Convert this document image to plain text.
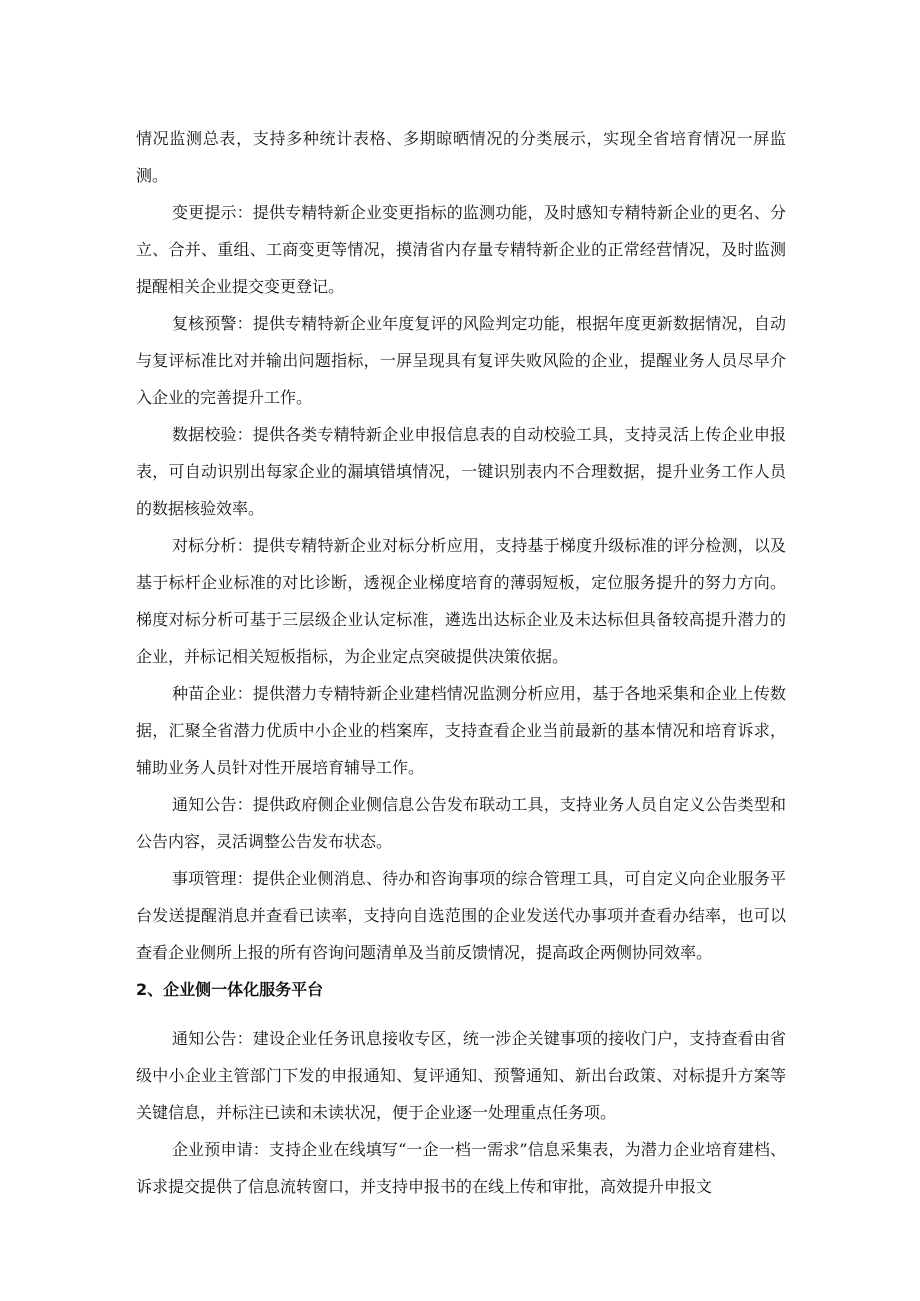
情况监测总表，支持多种统计表格、多期晾晒情况的分类展示，实现全省培育情况一屏监测。

变更提示：提供专精特新企业变更指标的监测功能，及时感知专精特新企业的更名、分立、合并、重组、工商变更等情况，摸清省内存量专精特新企业的正常经营情况，及时监测提醒相关企业提交变更登记。

复核预警：提供专精特新企业年度复评的风险判定功能，根据年度更新数据情况，自动与复评标准比对并输出问题指标，一屏呈现具有复评失败风险的企业，提醒业务人员尽早介入企业的完善提升工作。

数据校验：提供各类专精特新企业申报信息表的自动校验工具，支持灵活上传企业申报表，可自动识别出每家企业的漏填错填情况，一键识别表内不合理数据，提升业务工作人员的数据核验效率。

对标分析：提供专精特新企业对标分析应用，支持基于梯度升级标准的评分检测，以及基于标杆企业标准的对比诊断，透视企业梯度培育的薄弱短板，定位服务提升的努力方向。梯度对标分析可基于三层级企业认定标准，遴选出达标企业及未达标但具备较高提升潜力的企业，并标记相关短板指标，为企业定点突破提供决策依据。

种苗企业：提供潜力专精特新企业建档情况监测分析应用，基于各地采集和企业上传数据，汇聚全省潜力优质中小企业的档案库，支持查看企业当前最新的基本情况和培育诉求，辅助业务人员针对性开展培育辅导工作。

通知公告：提供政府侧企业侧信息公告发布联动工具，支持业务人员自定义公告类型和公告内容，灵活调整公告发布状态。

事项管理：提供企业侧消息、待办和咨询事项的综合管理工具，可自定义向企业服务平台发送提醒消息并查看已读率，支持向自选范围的企业发送代办事项并查看办结率，也可以查看企业侧所上报的所有咨询问题清单及当前反馈情况，提高政企两侧协同效率。

2、企业侧一体化服务平台

通知公告：建设企业任务讯息接收专区，统一涉企关键事项的接收门户，支持查看由省级中小企业主管部门下发的申报通知、复评通知、预警通知、新出台政策、对标提升方案等关键信息，并标注已读和未读状况，便于企业逐一处理重点任务项。

企业预申请：支持企业在线填写“一企一档一需求”信息采集表，为潜力企业培育建档、诉求提交提供了信息流转窗口，并支持申报书的在线上传和审批，高效提升申报文
